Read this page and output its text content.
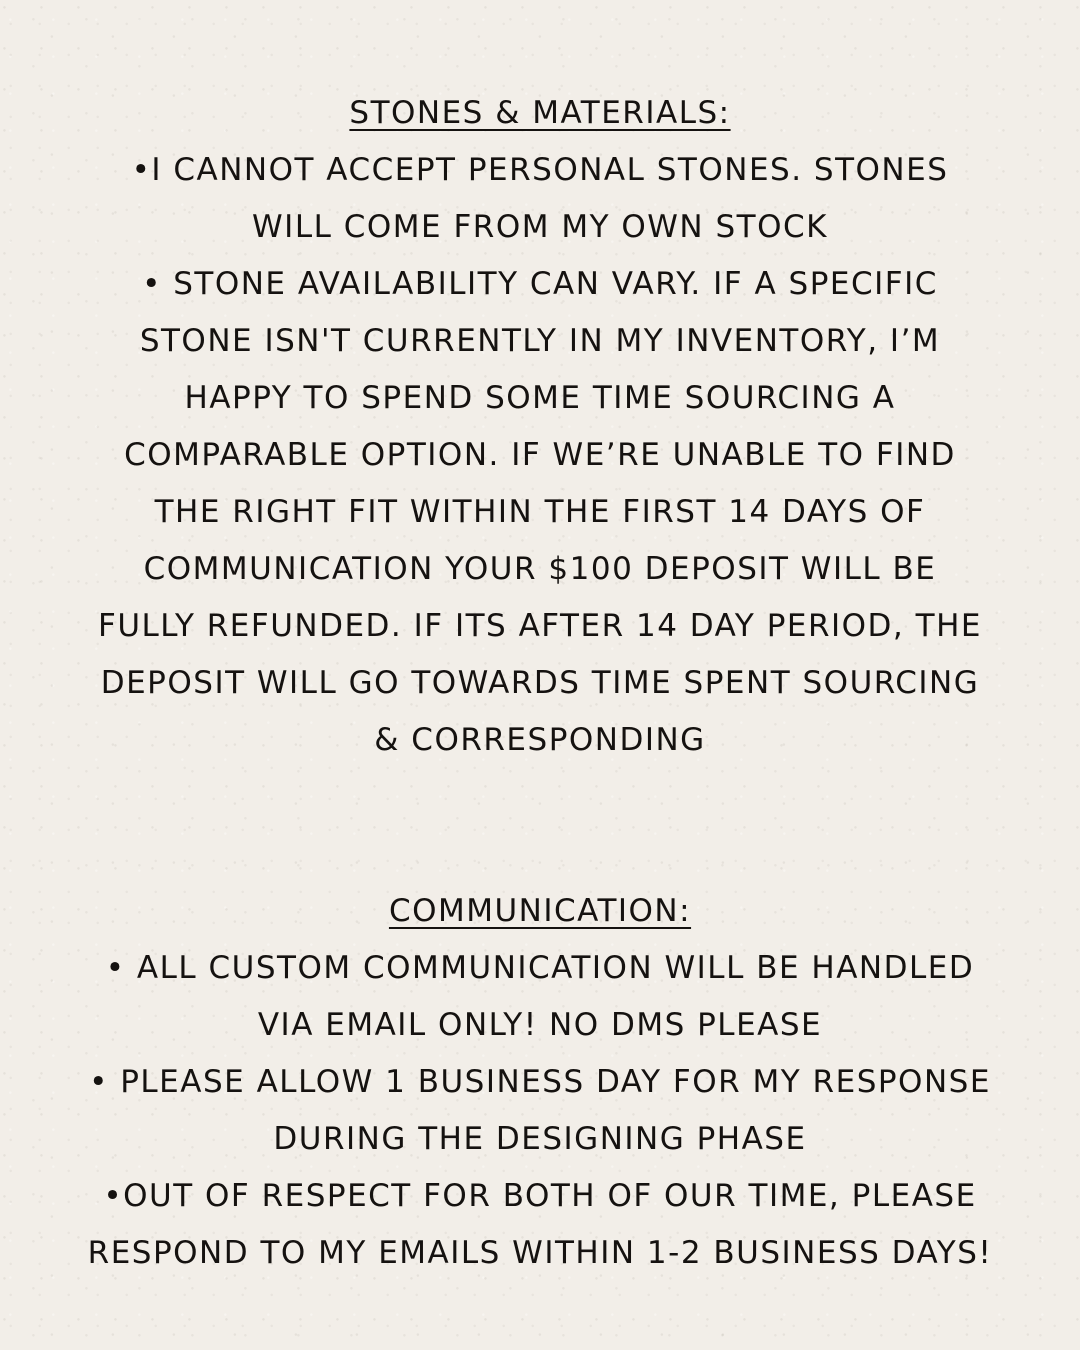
STONES & MATERIALS:
•I CANNOT ACCEPT PERSONAL STONES. STONES
WILL COME FROM MY OWN STOCK
• STONE AVAILABILITY CAN VARY. IF A SPECIFIC
STONE ISN'T CURRENTLY IN MY INVENTORY, I’M
HAPPY TO SPEND SOME TIME SOURCING A
COMPARABLE OPTION. IF WE’RE UNABLE TO FIND
THE RIGHT FIT WITHIN THE FIRST 14 DAYS OF
COMMUNICATION YOUR $100 DEPOSIT WILL BE
FULLY REFUNDED. IF ITS AFTER 14 DAY PERIOD, THE
DEPOSIT WILL GO TOWARDS TIME SPENT SOURCING
& CORRESPONDING
COMMUNICATION:
• ALL CUSTOM COMMUNICATION WILL BE HANDLED
VIA EMAIL ONLY! NO DMS PLEASE
• PLEASE ALLOW 1 BUSINESS DAY FOR MY RESPONSE
DURING THE DESIGNING PHASE
•OUT OF RESPECT FOR BOTH OF OUR TIME, PLEASE
RESPOND TO MY EMAILS WITHIN 1-2 BUSINESS DAYS!
